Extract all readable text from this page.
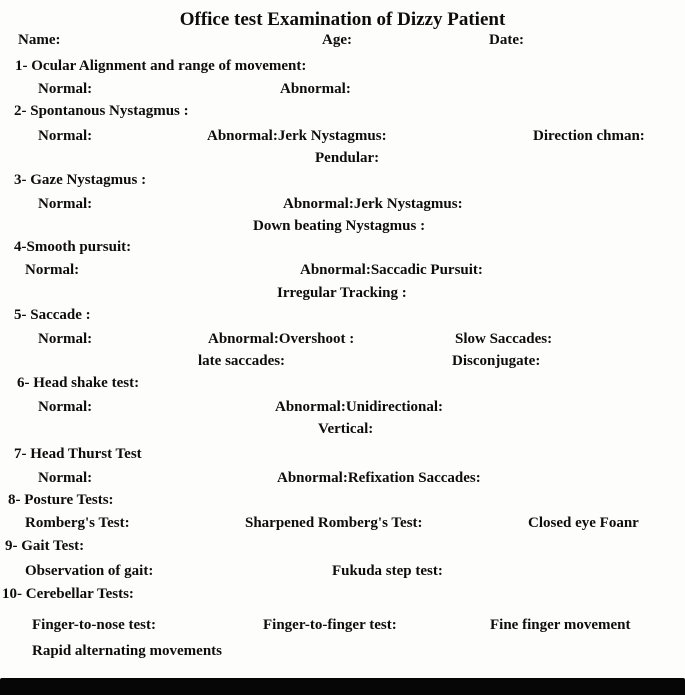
Office test Examination of Dizzy Patient
Name:	Age:	Date:
1- Ocular Alignment and range of movement:
Normal:	Abnormal:
2- Spontanous Nystagmus :
Normal:	Abnormal:Jerk Nystagmus:	Direction chman:
Pendular:
3- Gaze Nystagmus :
Normal:	Abnormal:Jerk Nystagmus:
Down beating Nystagmus :
4-Smooth pursuit:
Normal:	Abnormal:Saccadic Pursuit:
Irregular Tracking :
5- Saccade :
Normal:	Abnormal:Overshoot :	Slow Saccades:
late saccades:	Disconjugate:
6- Head shake test:
Normal:	Abnormal:Unidirectional:
Vertical:
7- Head Thurst Test
Normal:	Abnormal:Refixation Saccades:
8- Posture Tests:
Romberg's Test:	Sharpened Romberg's Test:	Closed eye Foanr
9- Gait Test:
Observation of gait:	Fukuda step test:
10- Cerebellar Tests:
Finger-to-nose test:	Finger-to-finger test:	Fine finger movement
Rapid alternating movements
